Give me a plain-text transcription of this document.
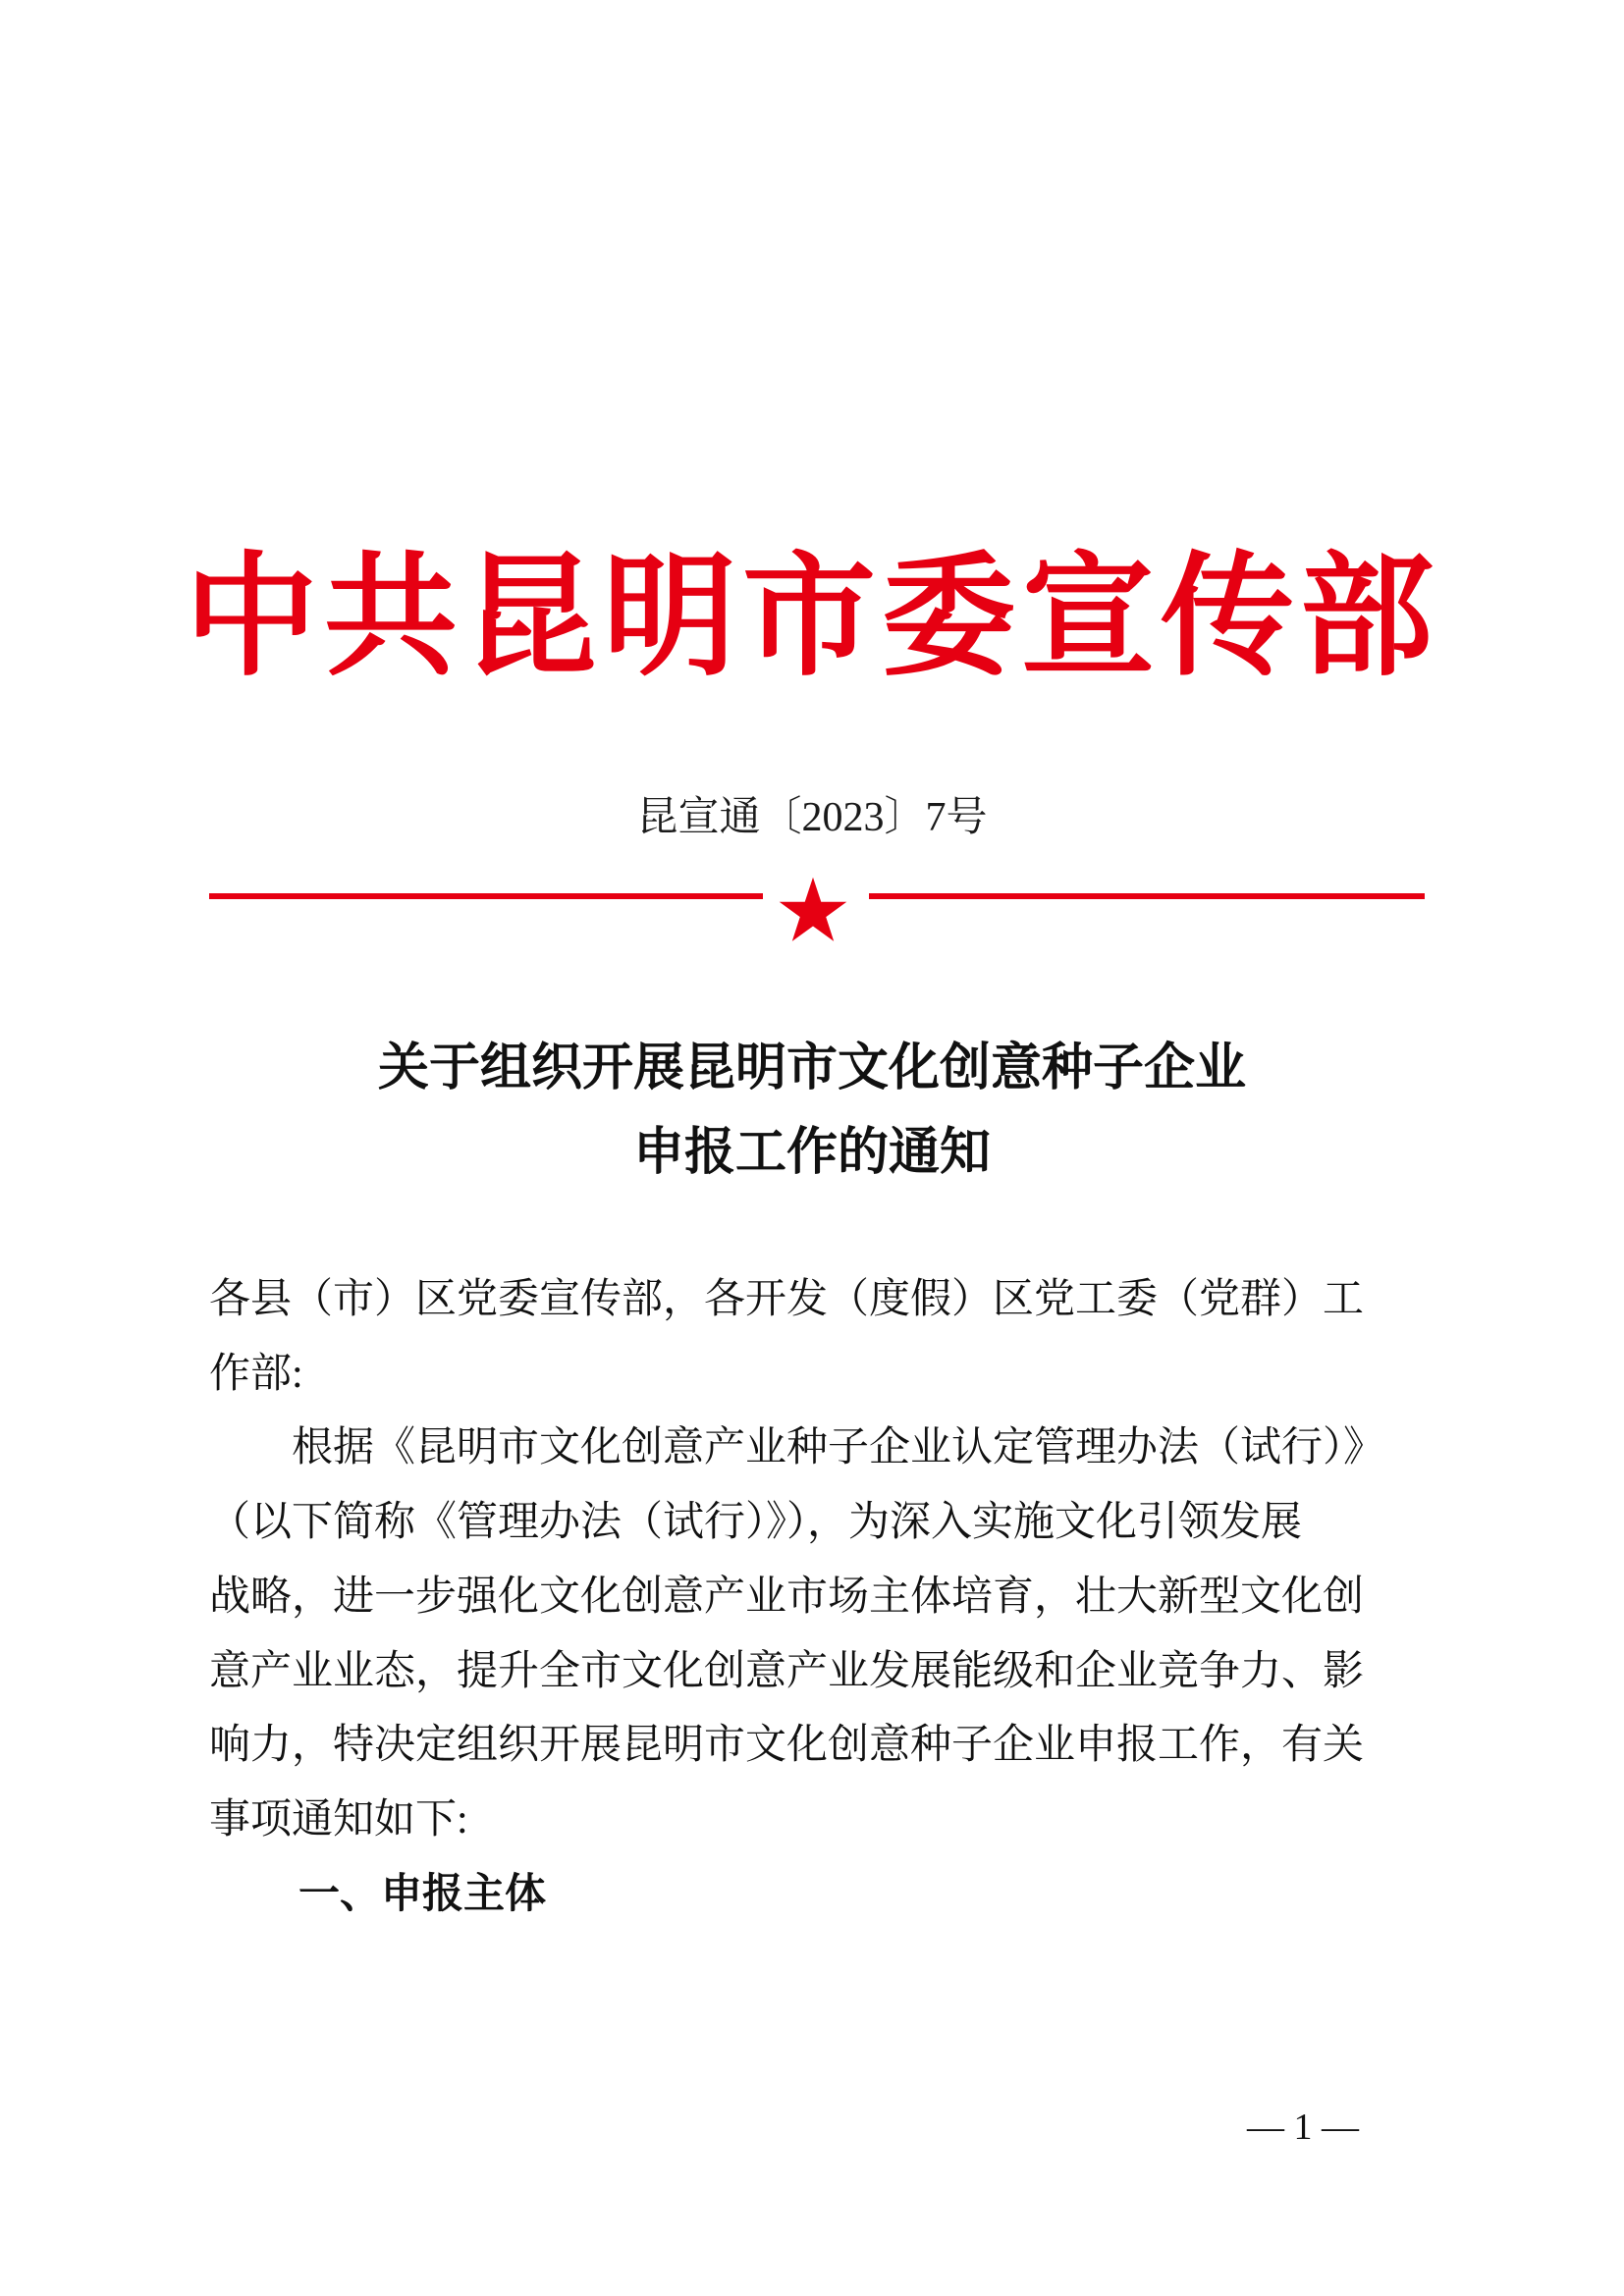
中共昆明市委宣传部
昆宣通〔2023〕7号
关于组织开展昆明市文化创意种子企业
申报工作的通知
各县（市）区党委宣传部，各开发（度假）区党工委（党群）工
作部:
　　根据《昆明市文化创意产业种子企业认定管理办法（试行）》
（以下简称《管理办法（试行）》），为深入实施文化引领发展
战略，进一步强化文化创意产业市场主体培育，壮大新型文化创
意产业业态，提升全市文化创意产业发展能级和企业竞争力、影
响力，特决定组织开展昆明市文化创意种子企业申报工作，有关
事项通知如下:
一、申报主体
— 1 —
